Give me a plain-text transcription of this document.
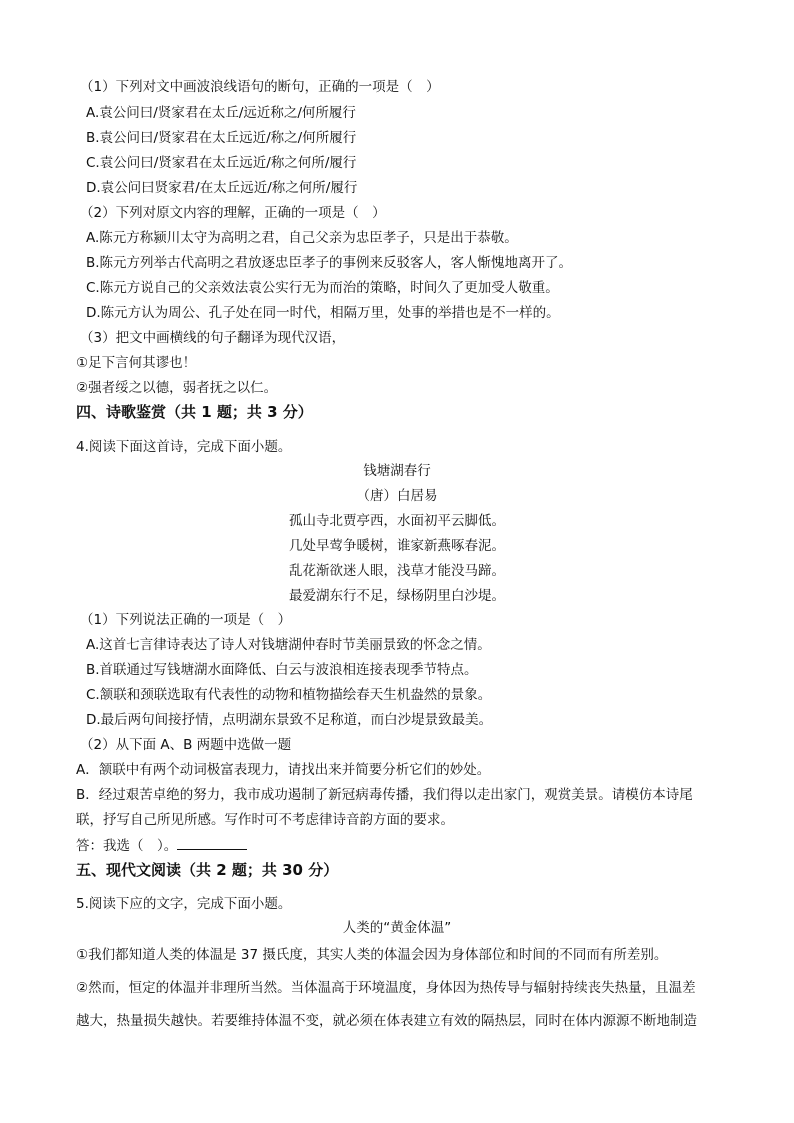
（1）下列对文中画波浪线语句的断句，正确的一项是（　）
A.袁公问曰/贤家君在太丘/远近称之/何所履行
B.袁公问曰/贤家君在太丘远近/称之/何所履行
C.袁公问曰/贤家君在太丘远近/称之何所/履行
D.袁公问曰贤家君/在太丘远近/称之何所/履行
（2）下列对原文内容的理解，正确的一项是（　）
A.陈元方称颍川太守为高明之君，自己父亲为忠臣孝子，只是出于恭敬。
B.陈元方列举古代高明之君放逐忠臣孝子的事例来反驳客人，客人惭愧地离开了。
C.陈元方说自己的父亲效法袁公实行无为而治的策略，时间久了更加受人敬重。
D.陈元方认为周公、孔子处在同一时代，相隔万里，处事的举措也是不一样的。
（3）把文中画横线的句子翻译为现代汉语，
①足下言何其谬也！
②强者绥之以德，弱者抚之以仁。
四、诗歌鉴赏（共 1 题；共 3 分）
4.阅读下面这首诗，完成下面小题。
钱塘湖春行
（唐）白居易
孤山寺北贾亭西，水面初平云脚低。
几处早莺争暖树，谁家新燕啄春泥。
乱花渐欲迷人眼，浅草才能没马蹄。
最爱湖东行不足，绿杨阴里白沙堤。
（1）下列说法正确的一项是（　）
A.这首七言律诗表达了诗人对钱塘湖仲春时节美丽景致的怀念之情。
B.首联通过写钱塘湖水面降低、白云与波浪相连接表现季节特点。
C.颔联和颈联选取有代表性的动物和植物描绘春天生机盎然的景象。
D.最后两句间接抒情，点明湖东景致不足称道，而白沙堤景致最美。
（2）从下面 A、B 两题中选做一题
A．颔联中有两个动词极富表现力，请找出来并简要分析它们的妙处。
B．经过艰苦卓绝的努力，我市成功遏制了新冠病毒传播，我们得以走出家门，观赏美景。请模仿本诗尾
联，抒写自己所见所感。写作时可不考虑律诗音韵方面的要求。
答：我选（　）。
五、现代文阅读（共 2 题；共 30 分）
5.阅读下应的文字，完成下面小题。
人类的“黄金体温”
①我们都知道人类的体温是 37 摄氏度，其实人类的体温会因为身体部位和时间的不同而有所差别。
②然而，恒定的体温并非理所当然。当体温高于环境温度，身体因为热传导与辐射持续丧失热量，且温差
越大，热量损失越快。若要维持体温不变，就必须在体表建立有效的隔热层，同时在体内源源不断地制造
